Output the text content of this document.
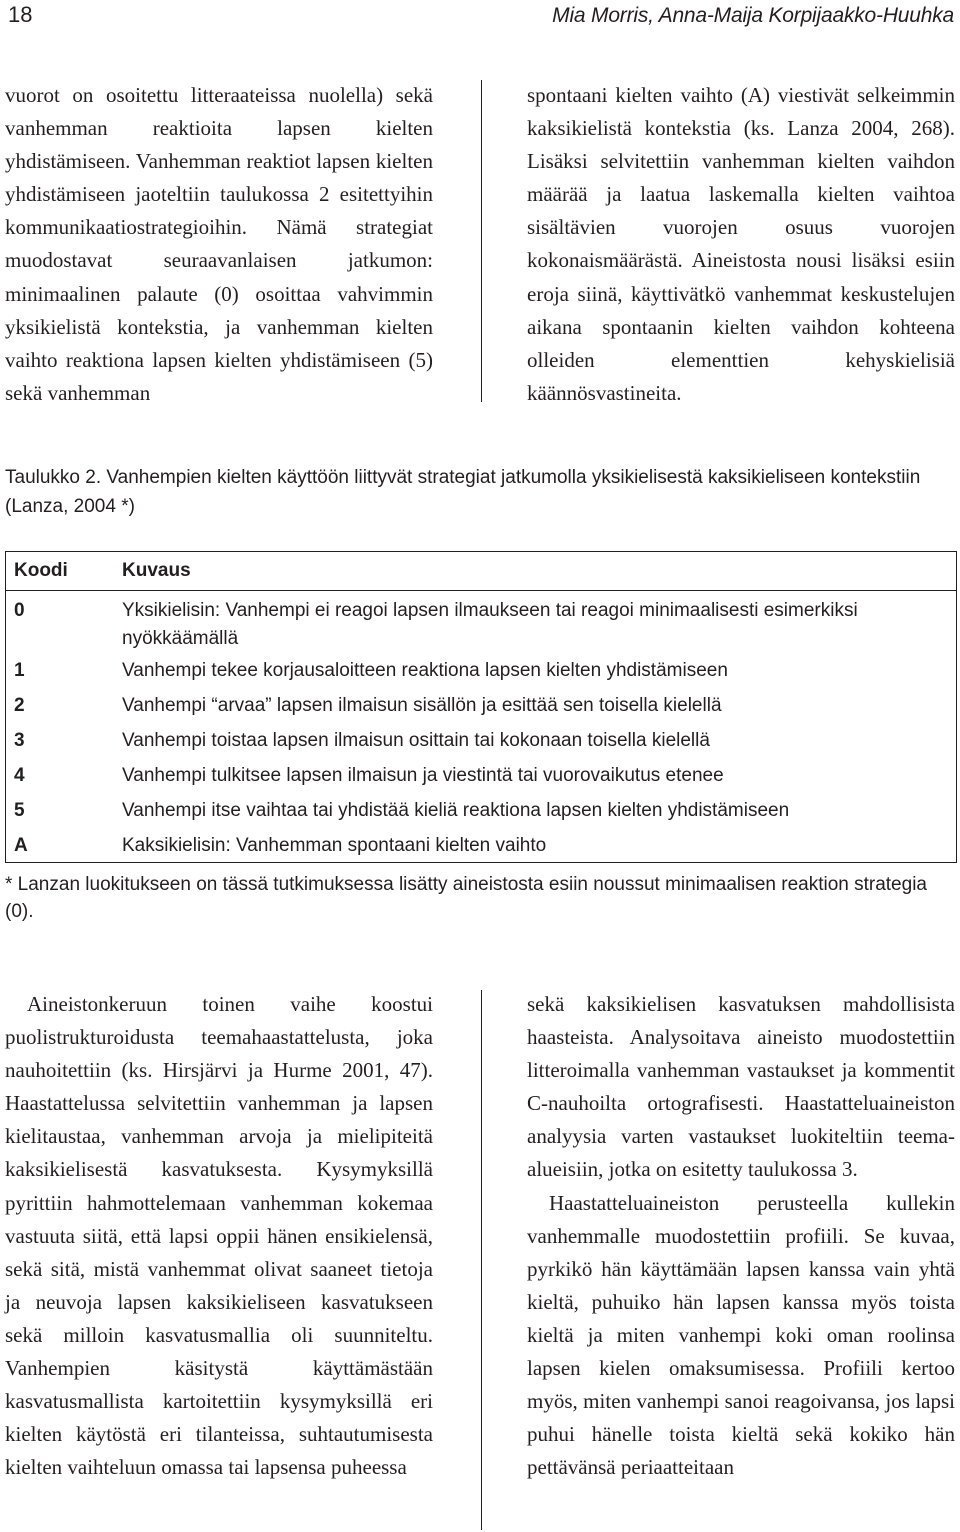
18	Mia Morris, Anna-Maija Korpijaakko-Huuhka

vuorot on osoitettu litteraateissa nuolella) sekä vanhemman reaktioita lapsen kielten yhdistämiseen. Vanhemman reaktiot lapsen kielten yhdistämiseen jaoteltiin taulukossa 2 esitettyihin kommunikaatiostrategioihin. Nämä strategiat muodostavat seuraavanlaisen jatkumon: minimaalinen palaute (0) osoittaa vahvimmin yksikielistä kontekstia, ja vanhemman kielten vaihto reaktiona lapsen kielten yhdistämiseen (5) sekä vanhemman

spontaani kielten vaihto (A) viestivät selkeimmin kaksikielistä kontekstia (ks. Lanza 2004, 268). Lisäksi selvitettiin vanhemman kielten vaihdon määrää ja laatua laskemalla kielten vaihtoa sisältävien vuorojen osuus vuorojen kokonaismäärästä. Aineistosta nousi lisäksi esiin eroja siinä, käyttivätkö vanhemmat keskustelujen aikana spontaanin kielten vaihdon kohteena olleiden elementtien kehyskielisiä käännösvastineita.

Taulukko 2. Vanhempien kielten käyttöön liittyvät strategiat jatkumolla yksikielisestä kaksikieliseen kontekstiin (Lanza, 2004 *)

Koodi	Kuvaus
0	Yksikielisin: Vanhempi ei reagoi lapsen ilmaukseen tai reagoi minimaalisesti esimerkiksi nyökkäämällä
1	Vanhempi tekee korjausaloitteen reaktiona lapsen kielten yhdistämiseen
2	Vanhempi “arvaa” lapsen ilmaisun sisällön ja esittää sen toisella kielellä
3	Vanhempi toistaa lapsen ilmaisun osittain tai kokonaan toisella kielellä
4	Vanhempi tulkitsee lapsen ilmaisun ja viestintä tai vuorovaikutus etenee
5	Vanhempi itse vaihtaa tai yhdistää kieliä reaktiona lapsen kielten yhdistämiseen
A	Kaksikielisin: Vanhemman spontaani kielten vaihto

* Lanzan luokitukseen on tässä tutkimuksessa lisätty aineistosta esiin noussut minimaalisen reaktion strategia (0).

Aineistonkeruun toinen vaihe koostui puolistrukturoidusta teemahaastattelusta, joka nauhoitettiin (ks. Hirsjärvi ja Hurme 2001, 47). Haastattelussa selvitettiin vanhemman ja lapsen kielitaustaa, vanhemman arvoja ja mielipiteitä kaksikielisestä kasvatuksesta. Kysymyksillä pyrittiin hahmottelemaan vanhemman kokemaa vastuuta siitä, että lapsi oppii hänen ensikielensä, sekä sitä, mistä vanhemmat olivat saaneet tietoja ja neuvoja lapsen kaksikieliseen kasvatukseen sekä milloin kasvatusmallia oli suunniteltu. Vanhempien käsitystä käyttämästään kasvatusmallista kartoitettiin kysymyksillä eri kielten käytöstä eri tilanteissa, suhtautumisesta kielten vaihteluun omassa tai lapsensa puheessa

sekä kaksikielisen kasvatuksen mahdollisista haasteista. Analysoitava aineisto muodostettiin litteroimalla vanhemman vastaukset ja kommentit C-nauhoilta ortografisesti. Haastatteluaineiston analyysia varten vastaukset luokiteltiin teema-alueisiin, jotka on esitetty taulukossa 3.

Haastatteluaineiston perusteella kullekin vanhemmalle muodostettiin profiili. Se kuvaa, pyrkikö hän käyttämään lapsen kanssa vain yhtä kieltä, puhuiko hän lapsen kanssa myös toista kieltä ja miten vanhempi koki oman roolinsa lapsen kielen omaksumisessa. Profiili kertoo myös, miten vanhempi sanoi reagoivansa, jos lapsi puhui hänelle toista kieltä sekä kokiko hän pettävänsä periaatteitaan
